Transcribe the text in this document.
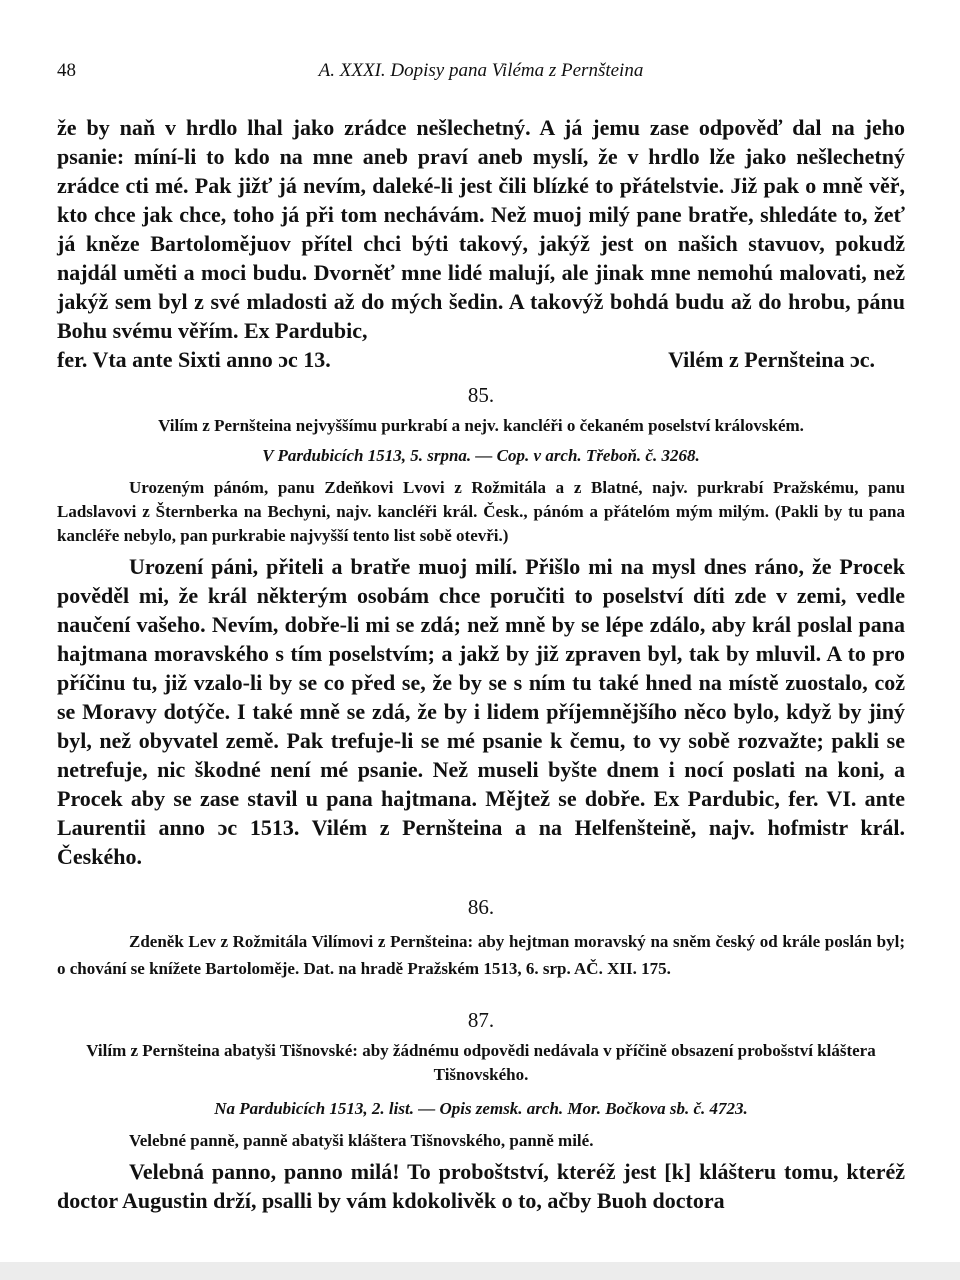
48	A. XXXI. Dopisy pana Viléma z Pernšteina

že by naň v hrdlo lhal jako zrádce nešlechetný. A já jemu zase odpověď dal na jeho psanie: míní-li to kdo na mne aneb praví aneb myslí, že v hrdlo lže jako nešlechetný zrádce cti mé. Pak jižť já nevím, daleké-li jest čili blízké to přátelstvie. Již pak o mně věř, kto chce jak chce, toho já při tom nechávám. Než muoj milý pane bratře, shledáte to, žeť já kněze Bartolomějuov přítel chci býti takový, jakýž jest on našich stavuov, pokudž najdál uměti a moci budu. Dvorněť mne lidé malují, ale jinak mne nemohú malovati, než jakýž sem byl z své mladosti až do mých šedin. A takovýž bohdá budu až do hrobu, pánu Bohu svému věřím. Ex Pardubic,

fer. Vta ante Sixti anno ɔc 13.	Vilém z Pernšteina ɔc.
85.
Vilím z Pernšteina nejvyššímu purkrabí a nejv. kancléři o čekaném poselství královském.
V Pardubicích 1513, 5. srpna. — Cop. v arch. Třeboň. č. 3268.

Urozeným pánóm, panu Zdeňkovi Lvovi z Rožmitála a z Blatné, najv. purkrabí Pražskému, panu Ladslavovi z Šternberka na Bechyni, najv. kancléři král. Česk., pánóm a přátelóm mým milým. (Pakli by tu pana kancléře nebylo, pan purkrabie najvyšší tento list sobě otevři.)

Urození páni, přiteli a bratře muoj milí. Přišlo mi na mysl dnes ráno, že Procek pověděl mi, že král některým osobám chce poručiti to poselství díti zde v zemi, vedle naučení vašeho. Nevím, dobře-li mi se zdá; než mně by se lépe zdálo, aby král poslal pana hajtmana moravského s tím poselstvím; a jakž by již zpraven byl, tak by mluvil. A to pro příčinu tu, již vzalo-li by se co před se, že by se s ním tu také hned na místě zuostalo, což se Moravy dotýče. I také mně se zdá, že by i lidem příjemnějšího něco bylo, když by jiný byl, než obyvatel země. Pak trefuje-li se mé psanie k čemu, to vy sobě rozvažte; pakli se netrefuje, nic škodné není mé psanie. Než museli byšte dnem i nocí poslati na koni, a Procek aby se zase stavil u pana hajtmana. Mějtež se dobře. Ex Pardubic, fer. VI. ante Laurentii anno ɔc 1513. Vilém z Pernšteina a na Helfenšteině, najv. hofmistr král. Českého.

86.

Zdeněk Lev z Rožmitála Vilímovi z Pernšteina: aby hejtman moravský na sněm český od krále poslán byl; o chování se knížete Bartoloměje. Dat. na hradě Pražském 1513, 6. srp. AČ. XII. 175.

87.
Vilím z Pernšteina abatyši Tišnovské: aby žádnému odpovědi nedávala v příčině obsazení probošství kláštera Tišnovského.
Na Pardubicích 1513, 2. list. — Opis zemsk. arch. Mor. Bočkova sb. č. 4723.

Velebné panně, panně abatyši kláštera Tišnovského, panně milé.

Velebná panno, panno milá! To proboštství, kteréž jest [k] klášteru tomu, kteréž doctor Augustin drží, psalli by vám kdokolivěk o to, ačby Buoh doctora
